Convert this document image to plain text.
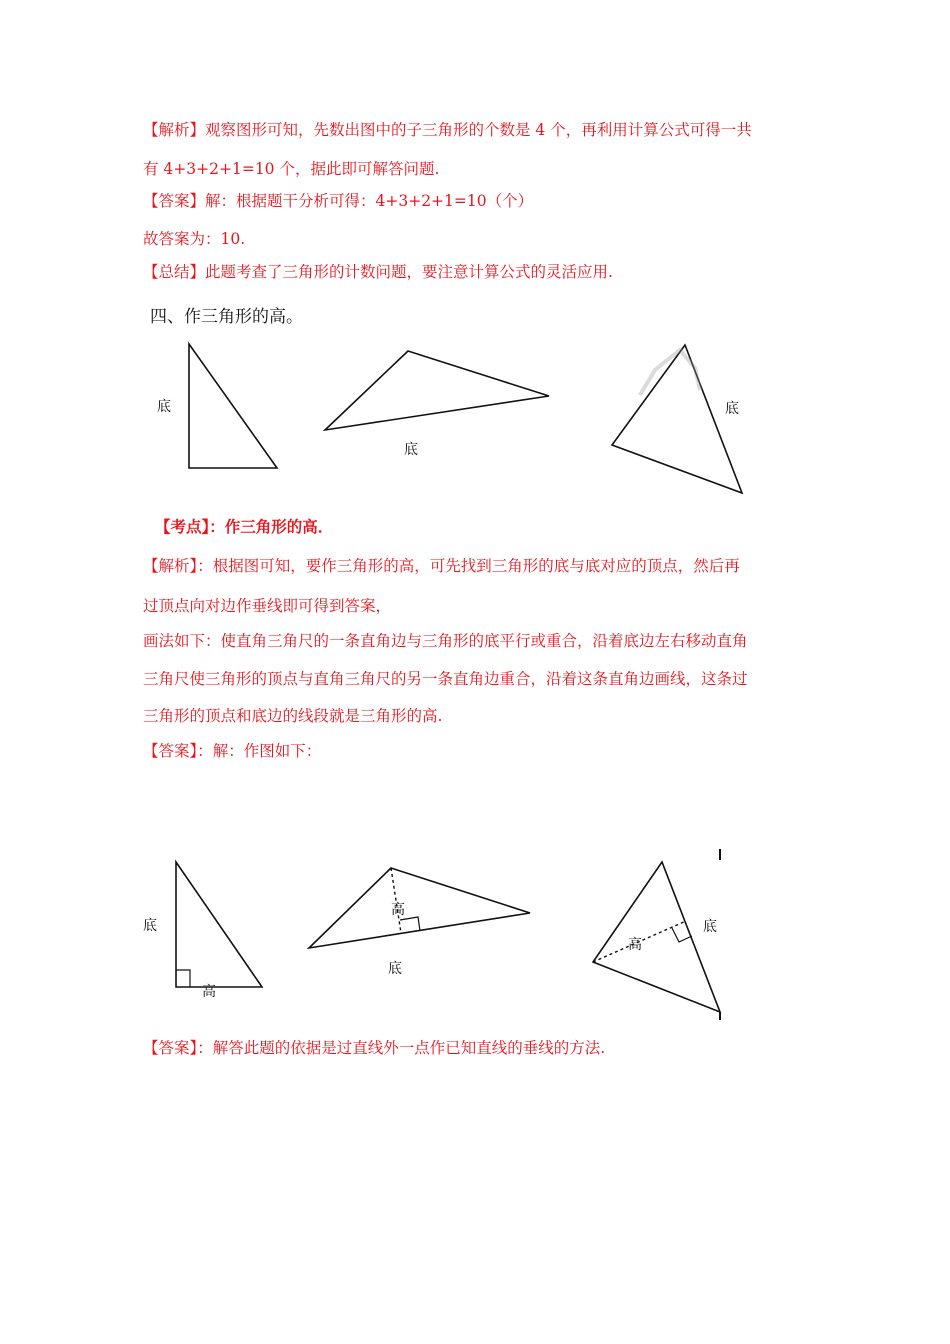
【解析】观察图形可知，先数出图中的子三角形的个数是 4 个，再利用计算公式可得一共
有 4+3+2+1=10 个，据此即可解答问题.
【答案】解：根据题干分析可得：4+3+2+1=10（个）
故答案为：10.
【总结】此题考查了三角形的计数问题，要注意计算公式的灵活应用.
四、作三角形的高。
底
底
底
【考点】：作三角形的高．
【解析】：根据图可知，要作三角形的高，可先找到三角形的底与底对应的顶点，然后再
过顶点向对边作垂线即可得到答案，
画法如下：使直角三角尺的一条直角边与三角形的底平行或重合，沿着底边左右移动直角
三角尺使三角形的顶点与直角三角尺的另一条直角边重合，沿着这条直角边画线，这条过
三角形的顶点和底边的线段就是三角形的高.
【答案】：解：作图如下：
底
高
高
底
高
底
【答案】：解答此题的依据是过直线外一点作已知直线的垂线的方法.
